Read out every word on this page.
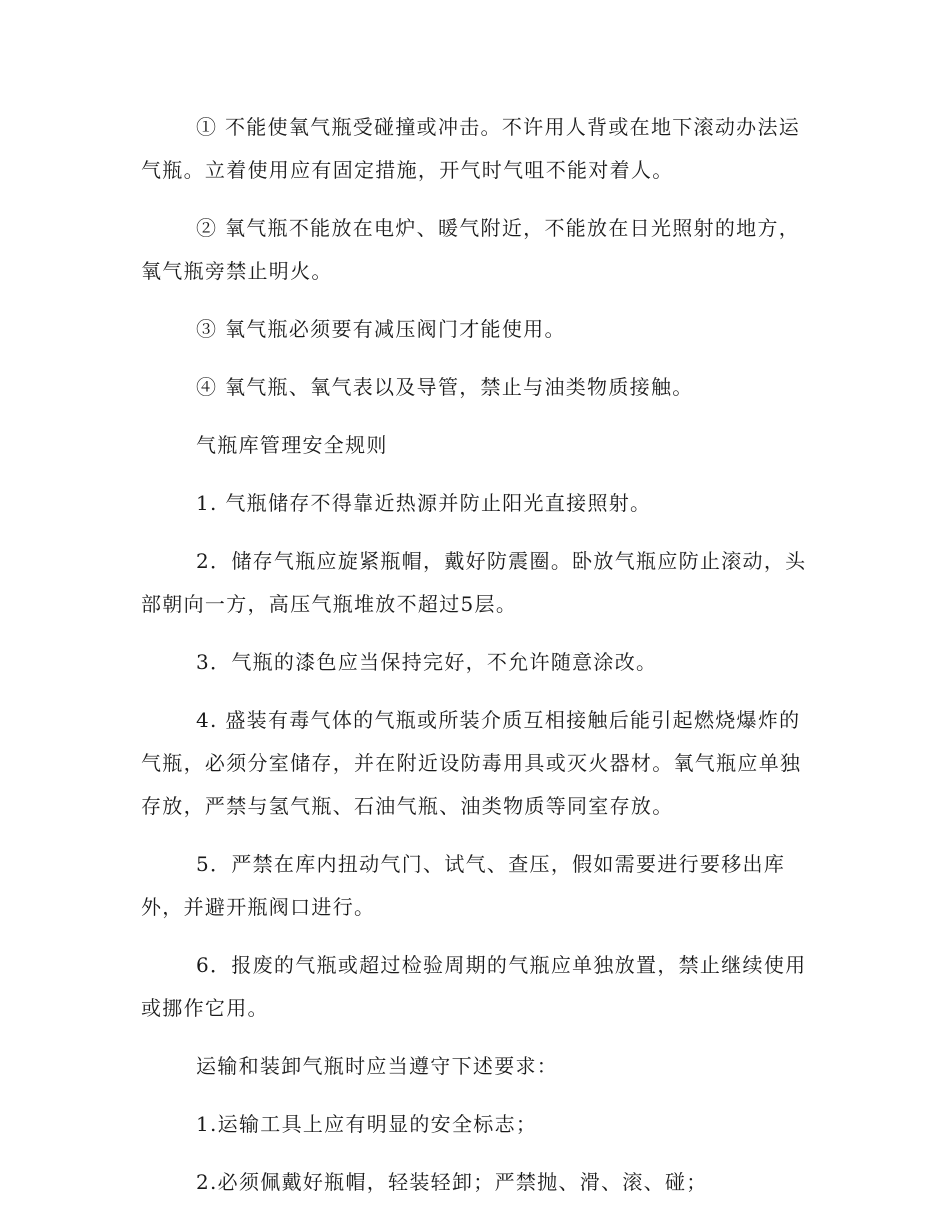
① 不能使氧气瓶受碰撞或冲击。不许用人背或在地下滚动办法运气瓶。立着使用应有固定措施，开气时气咀不能对着人。

② 氧气瓶不能放在电炉、暖气附近，不能放在日光照射的地方，氧气瓶旁禁止明火。

③ 氧气瓶必须要有减压阀门才能使用。

④ 氧气瓶、氧气表以及导管，禁止与油类物质接触。

气瓶库管理安全规则

1. 气瓶储存不得靠近热源并防止阳光直接照射。

2．储存气瓶应旋紧瓶帽，戴好防震圈。卧放气瓶应防止滚动，头部朝向一方，高压气瓶堆放不超过5层。

3．气瓶的漆色应当保持完好，不允许随意涂改。

4. 盛装有毒气体的气瓶或所装介质互相接触后能引起燃烧爆炸的气瓶，必须分室储存，并在附近设防毒用具或灭火器材。氧气瓶应单独存放，严禁与氢气瓶、石油气瓶、油类物质等同室存放。

5．严禁在库内扭动气门、试气、查压，假如需要进行要移出库外，并避开瓶阀口进行。

6．报废的气瓶或超过检验周期的气瓶应单独放置，禁止继续使用或挪作它用。

运输和装卸气瓶时应当遵守下述要求：

1.运输工具上应有明显的安全标志；

2.必须佩戴好瓶帽，轻装轻卸；严禁抛、滑、滚、碰；
